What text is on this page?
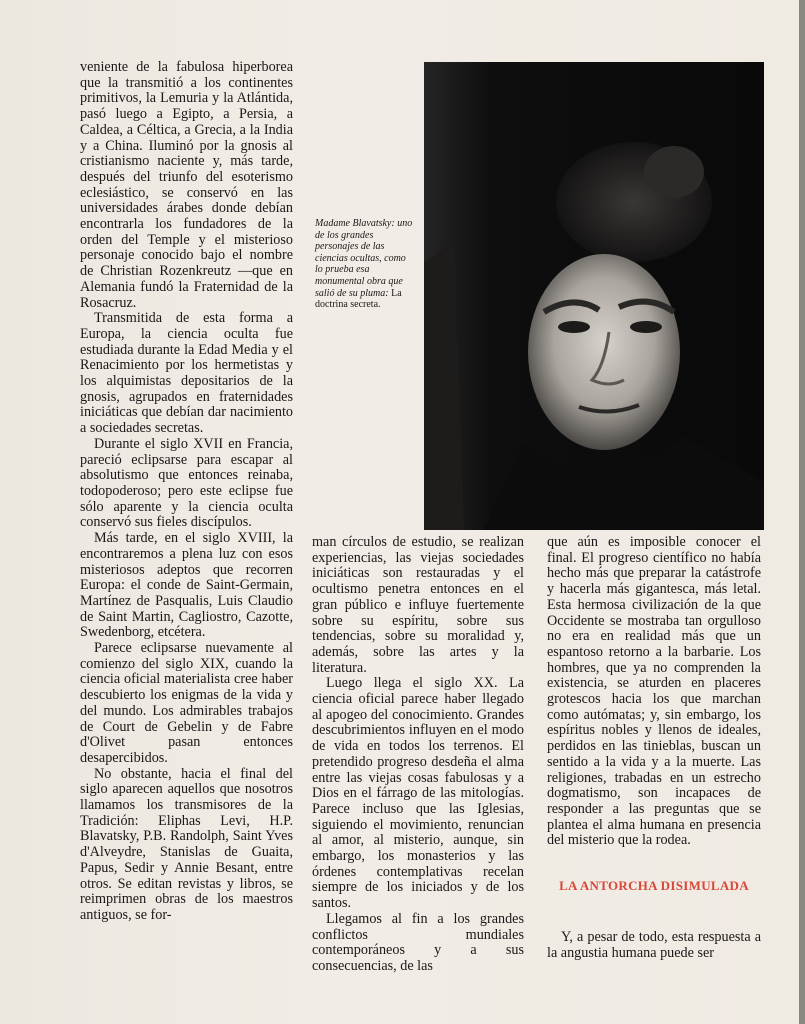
veniente de la fabulosa hiperborea que la transmitió a los continentes primitivos, la Lemuria y la Atlántida, pasó luego a Egipto, a Persia, a Caldea, a Céltica, a Grecia, a la India y a China. Iluminó por la gnosis al cristianismo naciente y, más tarde, después del triunfo del esoterismo eclesiástico, se conservó en las universidades árabes donde debían encontrarla los fundadores de la orden del Temple y el misterioso personaje conocido bajo el nombre de Christian Rozenkreutz —que en Alemania fundó la Fraternidad de la Rosacruz.

Transmitida de esta forma a Europa, la ciencia oculta fue estudiada durante la Edad Media y el Renacimiento por los hermetistas y los alquimistas depositarios de la gnosis, agrupados en fraternidades iniciáticas que debían dar nacimiento a sociedades secretas.

Durante el siglo XVII en Francia, pareció eclipsarse para escapar al absolutismo que entonces reinaba, todopoderoso; pero este eclipse fue sólo aparente y la ciencia oculta conservó sus fieles discípulos.

Más tarde, en el siglo XVIII, la encontraremos a plena luz con esos misteriosos adeptos que recorren Europa: el conde de Saint-Germain, Martínez de Pasqualis, Luis Claudio de Saint Martin, Cagliostro, Cazotte, Swedenborg, etcétera.

Parece eclipsarse nuevamente al comienzo del siglo XIX, cuando la ciencia oficial materialista cree haber descubierto los enigmas de la vida y del mundo. Los admirables trabajos de Court de Gebelin y de Fabre d'Olivet pasan entonces desapercibidos.

No obstante, hacia el final del siglo aparecen aquellos que nosotros llamamos los transmisores de la Tradición: Eliphas Levi, H.P. Blavatsky, P.B. Randolph, Saint Yves d'Alveydre, Stanislas de Guaita, Papus, Sedir y Annie Besant, entre otros. Se editan revistas y libros, se reimprimen obras de los maestros antiguos, se for-

Madame Blavatsky: uno de los grandes personajes de las ciencias ocultas, como lo prueba esa monumental obra que salió de su pluma: La doctrina secreta.

man círculos de estudio, se realizan experiencias, las viejas sociedades iniciáticas son restauradas y el ocultismo penetra entonces en el gran público e influye fuertemente sobre su espíritu, sobre sus tendencias, sobre su moralidad y, además, sobre las artes y la literatura.

Luego llega el siglo XX. La ciencia oficial parece haber llegado al apogeo del conocimiento. Grandes descubrimientos influyen en el modo de vida en todos los terrenos. El pretendido progreso desdeña el alma entre las viejas cosas fabulosas y a Dios en el fárrago de las mitologías. Parece incluso que las Iglesias, siguiendo el movimiento, renuncian al amor, al misterio, aunque, sin embargo, los monasterios y las órdenes contemplativas recelan siempre de los iniciados y de los santos.

Llegamos al fin a los grandes conflictos mundiales contemporáneos y a sus consecuencias, de las

que aún es imposible conocer el final. El progreso científico no había hecho más que preparar la catástrofe y hacerla más gigantesca, más letal. Esta hermosa civilización de la que Occidente se mostraba tan orgulloso no era en realidad más que un espantoso retorno a la barbarie. Los hombres, que ya no comprenden la existencia, se aturden en placeres grotescos hacia los que marchan como autómatas; y, sin embargo, los espíritus nobles y llenos de ideales, perdidos en las tinieblas, buscan un sentido a la vida y a la muerte. Las religiones, trabadas en un estrecho dogmatismo, son incapaces de responder a las preguntas que se plantea el alma humana en presencia del misterio que la rodea.

LA ANTORCHA DISIMULADA

Y, a pesar de todo, esta respuesta a la angustia humana puede ser
